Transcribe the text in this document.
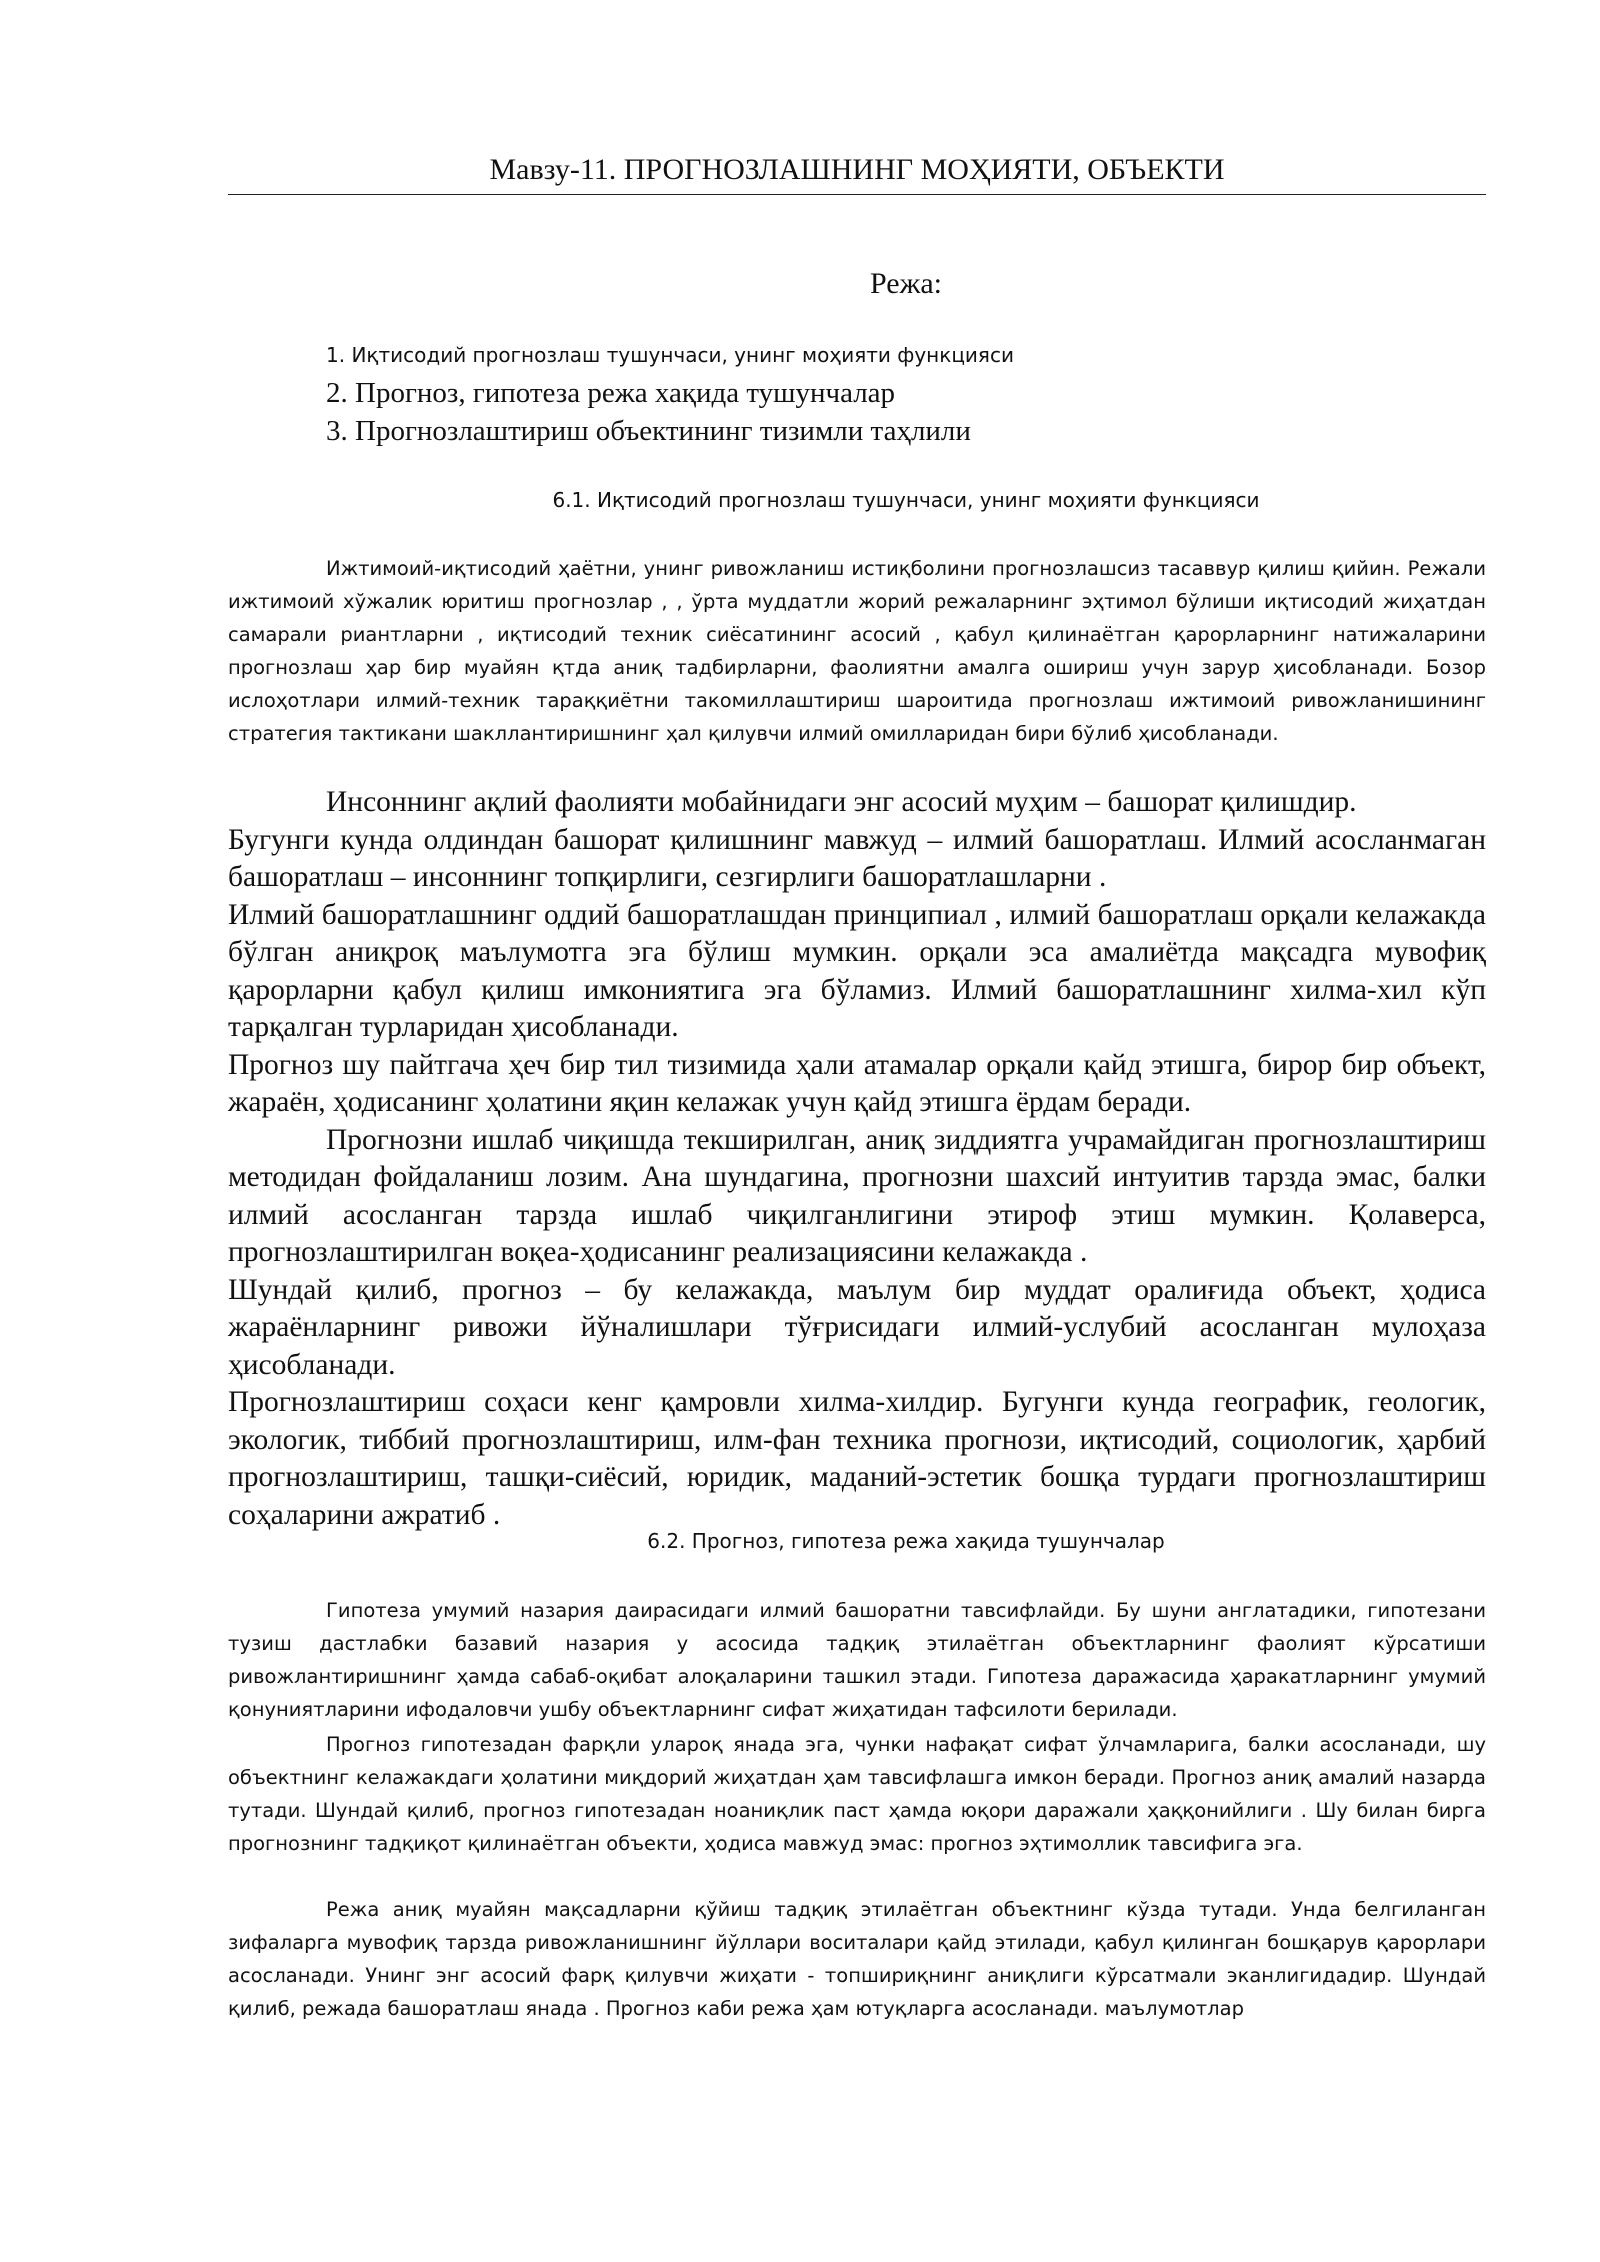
Мавзу-11. ПРОГНОЗЛАШНИНГ МОҲИЯТИ, ОБЪЕКТИ
Режа:
1. Иқтисодий прогнозлаш тушунчаси, унинг моҳияти функцияси
2. Прогноз, гипотеза режа хақида тушунчалар
3. Прогнозлаштириш объектининг тизимли таҳлили
6.1. Иқтисодий прогнозлаш тушунчаси, унинг моҳияти функцияси

Ижтимоий-иқтисодий ҳаётни, унинг ривожланиш истиқболини прогнозлашсиз тасаввур қилиш қийин. Режали ижтимоий хўжалик юритиш прогнозлар , , ўрта муддатли жорий режаларнинг эҳтимол бўлиши иқтисодий жиҳатдан самарали риантларни , иқтисодий техник сиёсатининг асосий , қабул қилинаётган қарорларнинг натижаларини прогнозлаш ҳар бир муайян қтда аниқ тадбирларни, фаолиятни амалга ошириш учун зарур ҳисобланади. Бозор ислоҳотлари илмий-техник тараққиётни такомиллаштириш шароитида прогнозлаш ижтимоий ривожланишининг стратегия тактикани шакллантиришнинг ҳал қилувчи илмий омилларидан бири бўлиб ҳисобланади.

Инсоннинг ақлий фаолияти мобайнидаги энг асосий муҳим – башорат қилишдир.

Бугунги кунда олдиндан башорат қилишнинг мавжуд – илмий башоратлаш. Илмий асосланмаган башоратлаш – инсоннинг топқирлиги, сезгирлиги башоратлашларни .

Илмий башоратлашнинг оддий башоратлашдан принципиал , илмий башоратлаш орқали келажакда бўлган аниқроқ маълумотга эга бўлиш мумкин. орқали эса амалиётда мақсадга мувофиқ қарорларни қабул қилиш имкониятига эга бўламиз. Илмий башоратлашнинг хилма-хил кўп тарқалган турларидан ҳисобланади.

Прогноз шу пайтгача ҳеч бир тил тизимида ҳали атамалар орқали қайд этишга, бирор бир объект, жараён, ҳодисанинг ҳолатини яқин келажак учун қайд этишга ёрдам беради.

Прогнозни ишлаб чиқишда текширилган, аниқ зиддиятга учрамайдиган прогнозлаштириш методидан фойдаланиш лозим. Ана шундагина, прогнозни шахсий интуитив тарзда эмас, балки илмий асосланган тарзда ишлаб чиқилганлигини этироф этиш мумкин. Қолаверса, прогнозлаштирилган воқеа-ҳодисанинг реализациясини келажакда .

Шундай қилиб, прогноз – бу келажакда, маълум бир муддат оралиғида объект, ҳодиса жараёнларнинг ривожи йўналишлари тўғрисидаги илмий-услубий асосланган мулоҳаза ҳисобланади.

Прогнозлаштириш соҳаси кенг қамровли хилма-хилдир. Бугунги кунда географик, геологик, экологик, тиббий прогнозлаштириш, илм-фан техника прогнози, иқтисодий, социологик, ҳарбий прогнозлаштириш, ташқи-сиёсий, юридик, маданий-эстетик бошқа турдаги прогнозлаштириш соҳаларини ажратиб .

6.2. Прогноз, гипотеза режа хақида тушунчалар

Гипотеза умумий назария даирасидаги илмий башоратни тавсифлайди. Бу шуни англатадики, гипотезани тузиш дастлабки базавий назария у асосида тадқиқ этилаётган объектларнинг фаолият кўрсатиши ривожлантиришнинг ҳамда сабаб-оқибат алоқаларини ташкил этади. Гипотеза даражасида ҳаракатларнинг умумий қонуниятларини ифодаловчи ушбу объектларнинг сифат жиҳатидан тафсилоти берилади.

Прогноз гипотезадан фарқли уларoқ янада эга, чунки нафақат сифат ўлчамларига, балки асосланади, шу объектнинг келажакдаги ҳолатини миқдорий жиҳатдан ҳам тавсифлашга имкон беради. Прогноз аниқ амалий назарда тутади. Шундай қилиб, прогноз гипотезадан ноаниқлик паст ҳамда юқори даражали ҳаққонийлиги . Шу билан бирга прогнознинг тадқиқот қилинаётган объекти, ҳодиса мавжуд эмас: прогноз эҳтимоллик тавсифига эга.

Режа аниқ муайян мақсадларни қўйиш тадқиқ этилаётган объектнинг кўзда тутади. Унда белгиланган зифаларга мувофиқ тарзда ривожланишнинг йўллари воситалари қайд этилади, қабул қилинган бошқарув қарорлари асосланади. Унинг энг асосий фарқ қилувчи жиҳати - топшириқнинг аниқлиги кўрсатмали эканлигидадир. Шундай қилиб, режада башоратлаш янада . Прогноз каби режа ҳам ютуқларга асосланади. маълумотлар
